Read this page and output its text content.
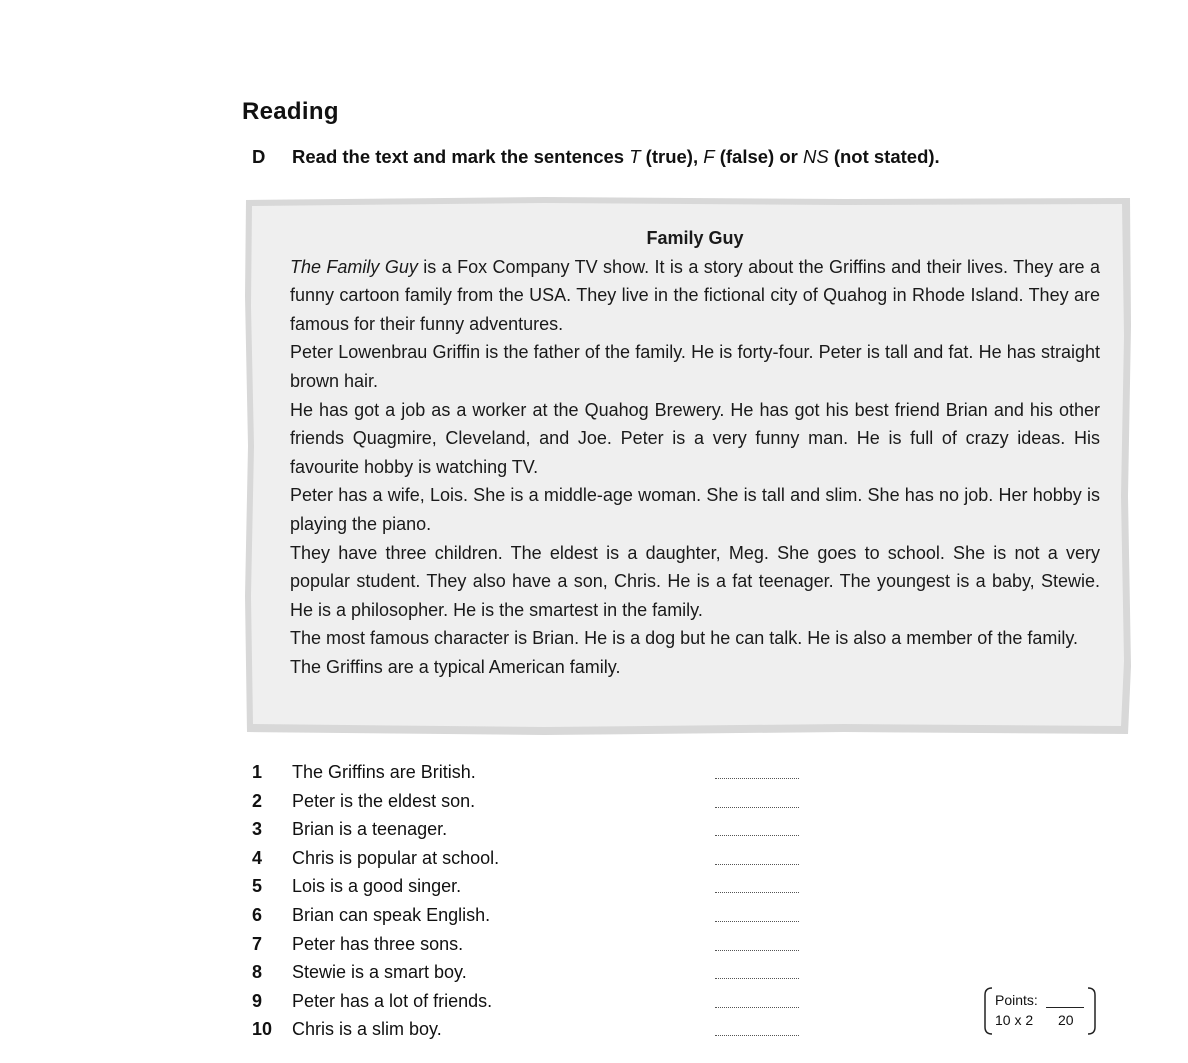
Reading
D Read the text and mark the sentences T (true), F (false) or NS (not stated).
Family Guy

The Family Guy is a Fox Company TV show. It is a story about the Griffins and their lives. They are a funny cartoon family from the USA. They live in the fictional city of Quahog in Rhode Island. They are famous for their funny adventures.

Peter Lowenbrau Griffin is the father of the family. He is forty-four. Peter is tall and fat. He has straight brown hair.

He has got a job as a worker at the Quahog Brewery. He has got his best friend Brian and his other friends Quagmire, Cleveland, and Joe. Peter is a very funny man. He is full of crazy ideas. His favourite hobby is watching TV.

Peter has a wife, Lois. She is a middle-age woman. She is tall and slim. She has no job. Her hobby is playing the piano.

They have three children. The eldest is a daughter, Meg. She goes to school. She is not a very popular student. They also have a son, Chris. He is a fat teenager. The youngest is a baby, Stewie. He is a philosopher. He is the smartest in the family.

The most famous character is Brian. He is a dog but he can talk. He is also a member of the family.

The Griffins are a typical American family.

1	The Griffins are British.
2	Peter is the eldest son.
3	Brian is a teenager.
4	Chris is popular at school.
5	Lois is a good singer.
6	Brian can speak English.
7	Peter has three sons.
8	Stewie is a smart boy.
9	Peter has a lot of friends.
10	Chris is a slim boy.
Points:
10 x 2 20
